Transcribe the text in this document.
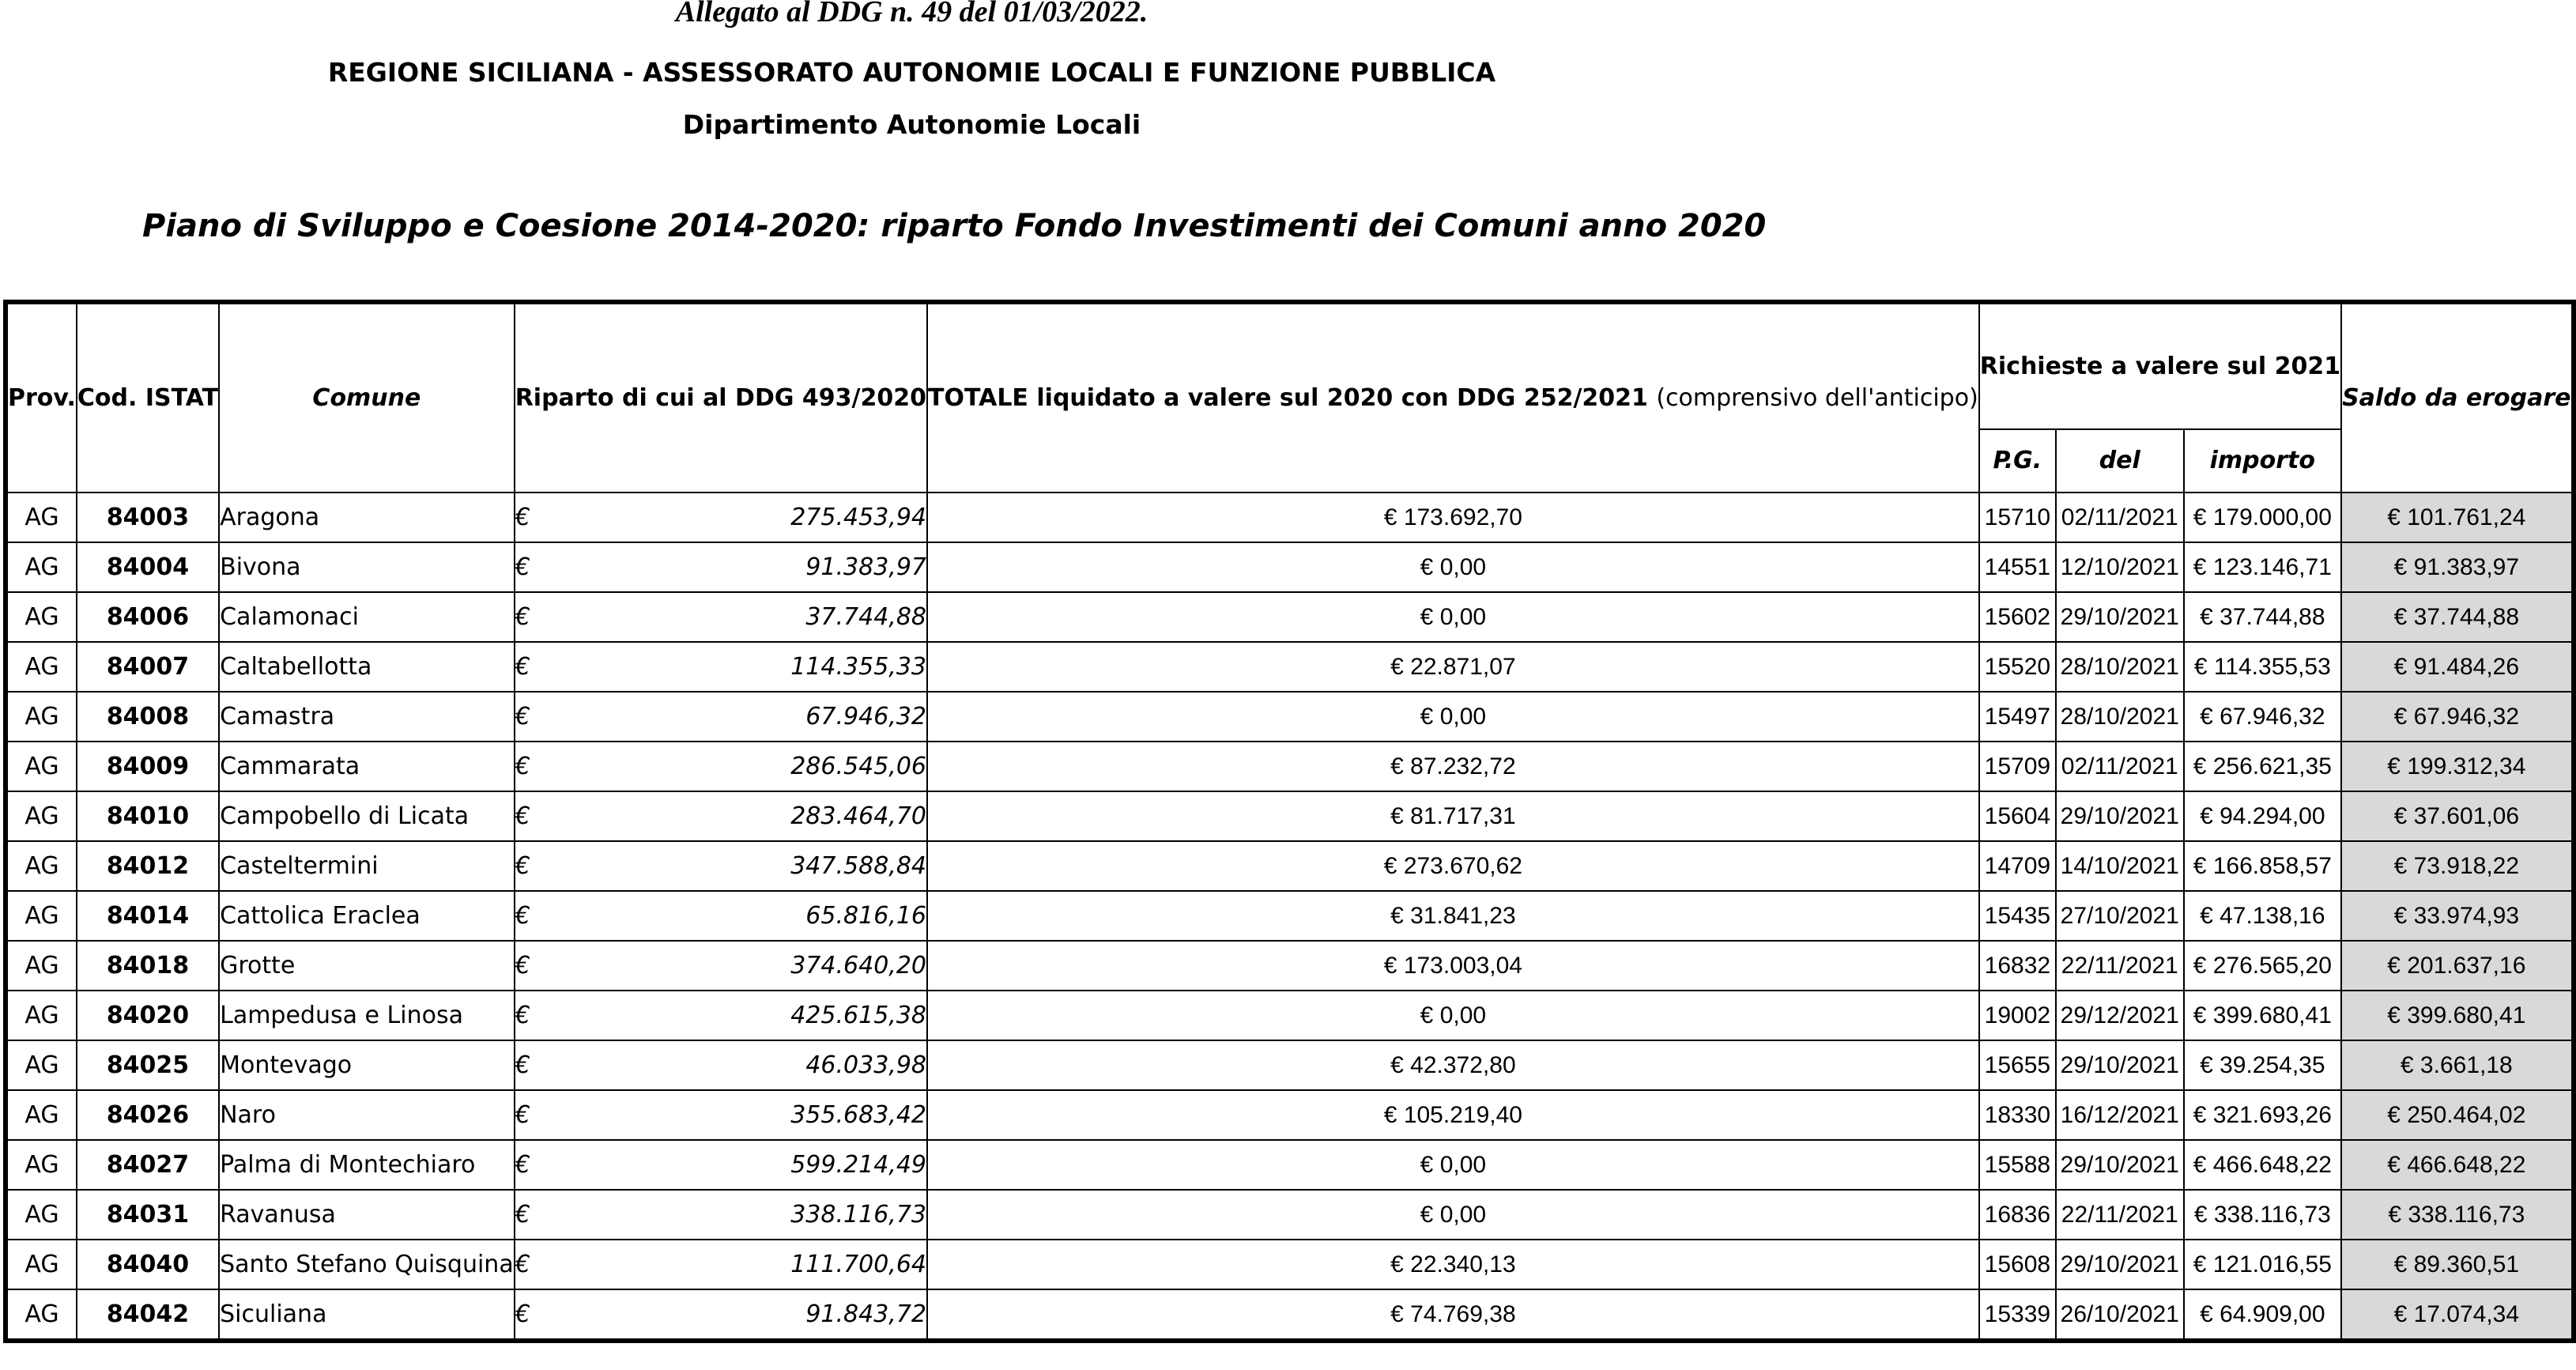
Allegato al DDG n. 49 del 01/03/2022.
REGIONE SICILIANA - ASSESSORATO AUTONOMIE LOCALI E FUNZIONE PUBBLICA
Dipartimento Autonomie Locali
Piano di Sviluppo e Coesione 2014-2020: riparto Fondo Investimenti dei Comuni anno 2020
Prov.	Cod. ISTAT	Comune	Riparto di cui al DDG 493/2020	TOTALE liquidato a valere sul 2020 con DDG 252/2021 (comprensivo dell'anticipo)	Richieste a valere sul 2021			Saldo da erogare
					P.G.	del	importo	
AG	84003	Aragona	€ 275.453,94	€ 173.692,70	15710	02/11/2021	€ 179.000,00	€ 101.761,24
AG	84004	Bivona	€ 91.383,97	€ 0,00	14551	12/10/2021	€ 123.146,71	€ 91.383,97
AG	84006	Calamonaci	€ 37.744,88	€ 0,00	15602	29/10/2021	€ 37.744,88	€ 37.744,88
AG	84007	Caltabellotta	€ 114.355,33	€ 22.871,07	15520	28/10/2021	€ 114.355,53	€ 91.484,26
AG	84008	Camastra	€ 67.946,32	€ 0,00	15497	28/10/2021	€ 67.946,32	€ 67.946,32
AG	84009	Cammarata	€ 286.545,06	€ 87.232,72	15709	02/11/2021	€ 256.621,35	€ 199.312,34
AG	84010	Campobello di Licata	€ 283.464,70	€ 81.717,31	15604	29/10/2021	€ 94.294,00	€ 37.601,06
AG	84012	Casteltermini	€ 347.588,84	€ 273.670,62	14709	14/10/2021	€ 166.858,57	€ 73.918,22
AG	84014	Cattolica Eraclea	€ 65.816,16	€ 31.841,23	15435	27/10/2021	€ 47.138,16	€ 33.974,93
AG	84018	Grotte	€ 374.640,20	€ 173.003,04	16832	22/11/2021	€ 276.565,20	€ 201.637,16
AG	84020	Lampedusa e Linosa	€ 425.615,38	€ 0,00	19002	29/12/2021	€ 399.680,41	€ 399.680,41
AG	84025	Montevago	€ 46.033,98	€ 42.372,80	15655	29/10/2021	€ 39.254,35	€ 3.661,18
AG	84026	Naro	€ 355.683,42	€ 105.219,40	18330	16/12/2021	€ 321.693,26	€ 250.464,02
AG	84027	Palma di Montechiaro	€ 599.214,49	€ 0,00	15588	29/10/2021	€ 466.648,22	€ 466.648,22
AG	84031	Ravanusa	€ 338.116,73	€ 0,00	16836	22/11/2021	€ 338.116,73	€ 338.116,73
AG	84040	Santo Stefano Quisquina	€ 111.700,64	€ 22.340,13	15608	29/10/2021	€ 121.016,55	€ 89.360,51
AG	84042	Siculiana	€ 91.843,72	€ 74.769,38	15339	26/10/2021	€ 64.909,00	€ 17.074,34
